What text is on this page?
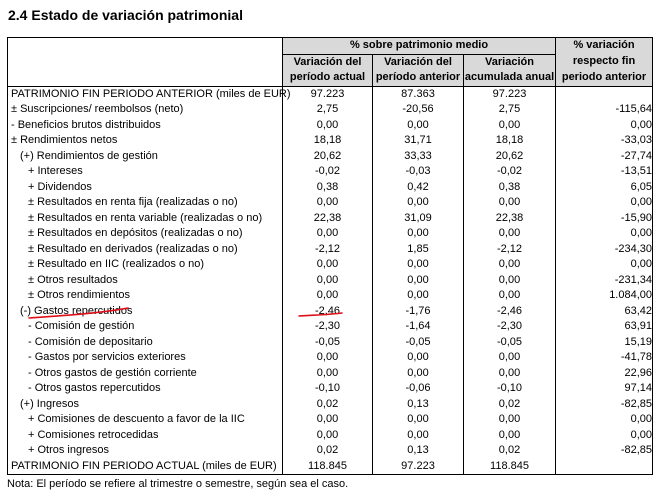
2.4 Estado de variación patrimonial
	% sobre patrimonio medio			% variación
	Variación del	Variación del	Variación	respecto fin
	período actual	período anterior	acumulada anual	periodo anterior
PATRIMONIO FIN PERIODO ANTERIOR (miles de EUR)	97.223	87.363	97.223	
± Suscripciones/ reembolsos (neto)	2,75	-20,56	2,75	-115,64
- Beneficios brutos distribuidos	0,00	0,00	0,00	0,00
± Rendimientos netos	18,18	31,71	18,18	-33,03
(+) Rendimientos de gestión	20,62	33,33	20,62	-27,74
+ Intereses	-0,02	-0,03	-0,02	-13,51
+ Dividendos	0,38	0,42	0,38	6,05
± Resultados en renta fija (realizadas o no)	0,00	0,00	0,00	0,00
± Resultados en renta variable (realizadas o no)	22,38	31,09	22,38	-15,90
± Resultados en depósitos (realizadas o no)	0,00	0,00	0,00	0,00
± Resultado en derivados (realizadas o no)	-2,12	1,85	-2,12	-234,30
± Resultado en IIC (realizados o no)	0,00	0,00	0,00	0,00
± Otros resultados	0,00	0,00	0,00	-231,34
± Otros rendimientos	0,00	0,00	0,00	1.084,00
(-) Gastos repercutidos	-2,46	-1,76	-2,46	63,42
- Comisión de gestión	-2,30	-1,64	-2,30	63,91
- Comisión de depositario	-0,05	-0,05	-0,05	15,19
- Gastos por servicios exteriores	0,00	0,00	0,00	-41,78
- Otros gastos de gestión corriente	0,00	0,00	0,00	22,96
- Otros gastos repercutidos	-0,10	-0,06	-0,10	97,14
(+) Ingresos	0,02	0,13	0,02	-82,85
+ Comisiones de descuento a favor de la IIC	0,00	0,00	0,00	0,00
+ Comisiones retrocedidas	0,00	0,00	0,00	0,00
+ Otros ingresos	0,02	0,13	0,02	-82,85
PATRIMONIO FIN PERIODO ACTUAL (miles de EUR)	118.845	97.223	118.845	
Nota: El período se refiere al trimestre o semestre, según sea el caso.
